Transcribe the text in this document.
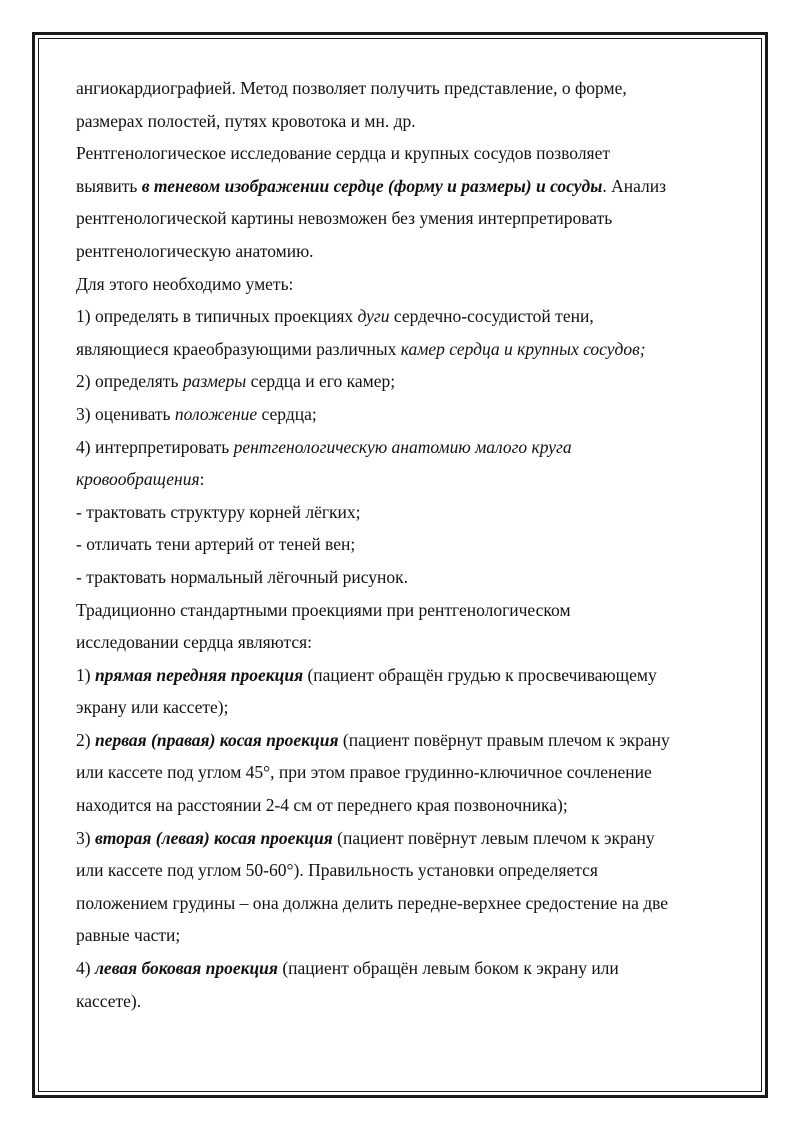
ангиокардиографией. Метод позволяет получить представление, о форме,
размерах полостей, путях кровотока и мн. др.
Рентгенологическое исследование сердца и крупных сосудов позволяет
выявить в теневом изображении сердце (форму и размеры) и сосуды. Анализ
рентгенологической картины невозможен без умения интерпретировать
рентгенологическую анатомию.
Для этого необходимо уметь:
1) определять в типичных проекциях дуги сердечно-сосудистой тени,
являющиеся краеобразующими различных камер сердца и крупных сосудов;
2) определять размеры сердца и его камер;
3) оценивать положение сердца;
4) интерпретировать рентгенологическую анатомию малого круга
кровообращения:
- трактовать структуру корней лёгких;
- отличать тени артерий от теней вен;
- трактовать нормальный лёгочный рисунок.
Традиционно стандартными проекциями при рентгенологическом
исследовании сердца являются:
1) прямая передняя проекция (пациент обращён грудью к просвечивающему
экрану или кассете);
2) первая (правая) косая проекция (пациент повёрнут правым плечом к экрану
или кассете под углом 45°, при этом правое грудинно-ключичное сочленение
находится на расстоянии 2-4 см от переднего края позвоночника);
3) вторая (левая) косая проекция (пациент повёрнут левым плечом к экрану
или кассете под углом 50-60°). Правильность установки определяется
положением грудины – она должна делить передне-верхнее средостение на две
равные части;
4) левая боковая проекция (пациент обращён левым боком к экрану или
кассете).
